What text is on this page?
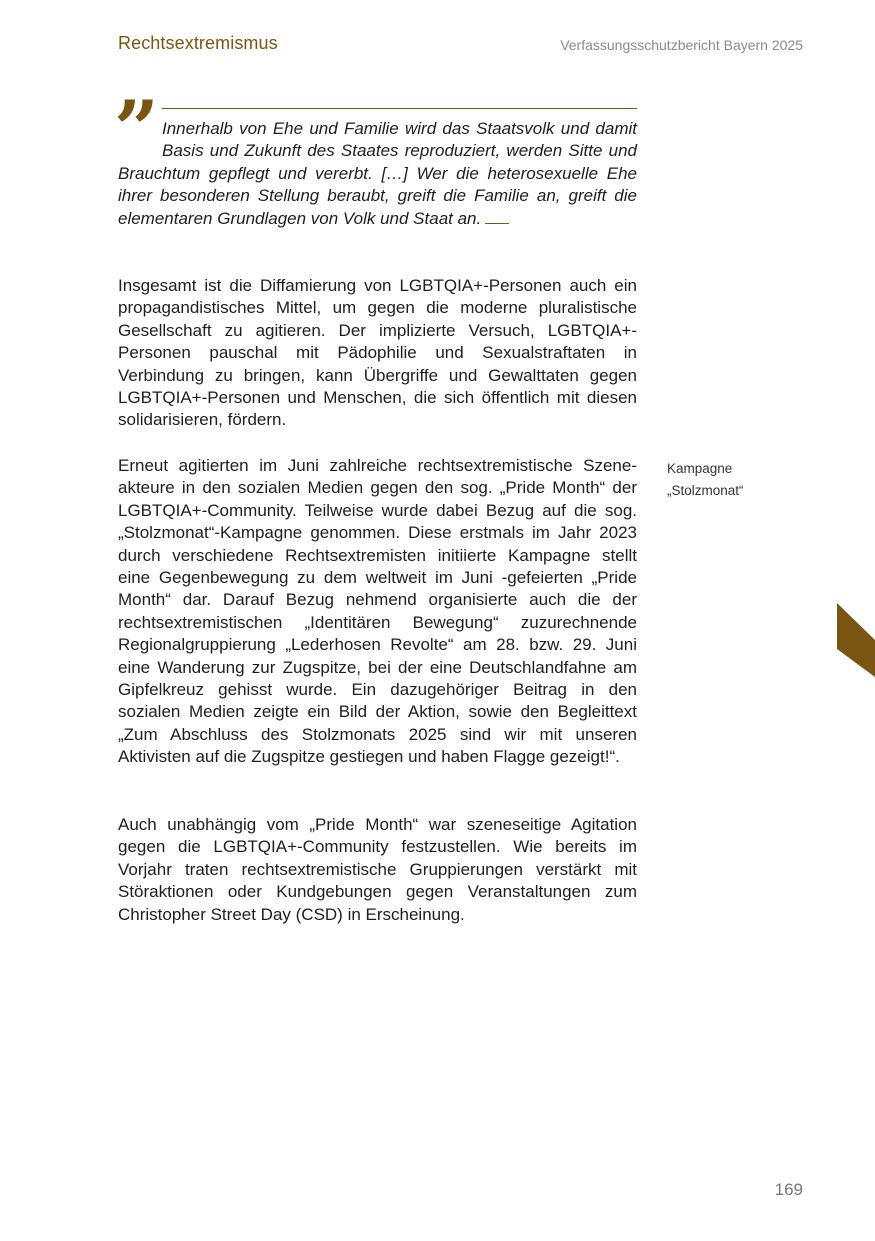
Rechtsextremismus	Verfassungsschutzbericht Bayern 2025
” Innerhalb von Ehe und Familie wird das Staatsvolk und damit Basis und Zukunft des Staates reproduziert, werden Sitte und Brauchtum gepflegt und vererbt. […] Wer die heterosexuelle Ehe ihrer besonderen Stellung beraubt, greift die Familie an, greift die elementaren Grundlagen von Volk und Staat an.

Insgesamt ist die Diffamierung von LGBTQIA+-Personen auch ein propagandistisches Mittel, um gegen die moderne pluralistische Gesellschaft zu agitieren. Der implizierte Versuch, LGBTQIA+-Personen pauschal mit Pädophilie und Sexualstraftaten in Verbindung zu bringen, kann Übergriffe und Gewalttaten gegen LGBTQIA+-Personen und Menschen, die sich öffentlich mit diesen solidarisieren, fördern.

Erneut agitierten im Juni zahlreiche rechtsextremistische Szeneakteure in den sozialen Medien gegen den sog. „Pride Month“ der LGBTQIA+-Community. Teilweise wurde dabei Bezug auf die sog. „Stolzmonat“-Kampagne genommen. Diese erstmals im Jahr 2023 durch verschiedene Rechtsextremisten initiierte Kampagne stellt eine Gegenbewegung zu dem weltweit im Juni -gefeierten „Pride Month“ dar. Darauf Bezug nehmend organisierte auch die der rechtsextremistischen „Identitären Bewegung“ zuzurechnende Regionalgruppierung „Lederhosen Revolte“ am 28. bzw. 29. Juni eine Wanderung zur Zugspitze, bei der eine Deutschlandfahne am Gipfelkreuz gehisst wurde. Ein dazugehöriger Beitrag in den sozialen Medien zeigte ein Bild der Aktion, sowie den Begleittext „Zum Abschluss des Stolzmonats 2025 sind wir mit unseren Aktivisten auf die Zugspitze gestiegen und haben Flagge gezeigt!“.

Auch unabhängig vom „Pride Month“ war szeneseitige Agitation gegen die LGBTQIA+-Community festzustellen. Wie bereits im Vorjahr traten rechtsextremistische Gruppierungen verstärkt mit Störaktionen oder Kundgebungen gegen Veranstaltungen zum Christopher Street Day (CSD) in Erscheinung.

Kampagne
„Stolzmonat“
169
